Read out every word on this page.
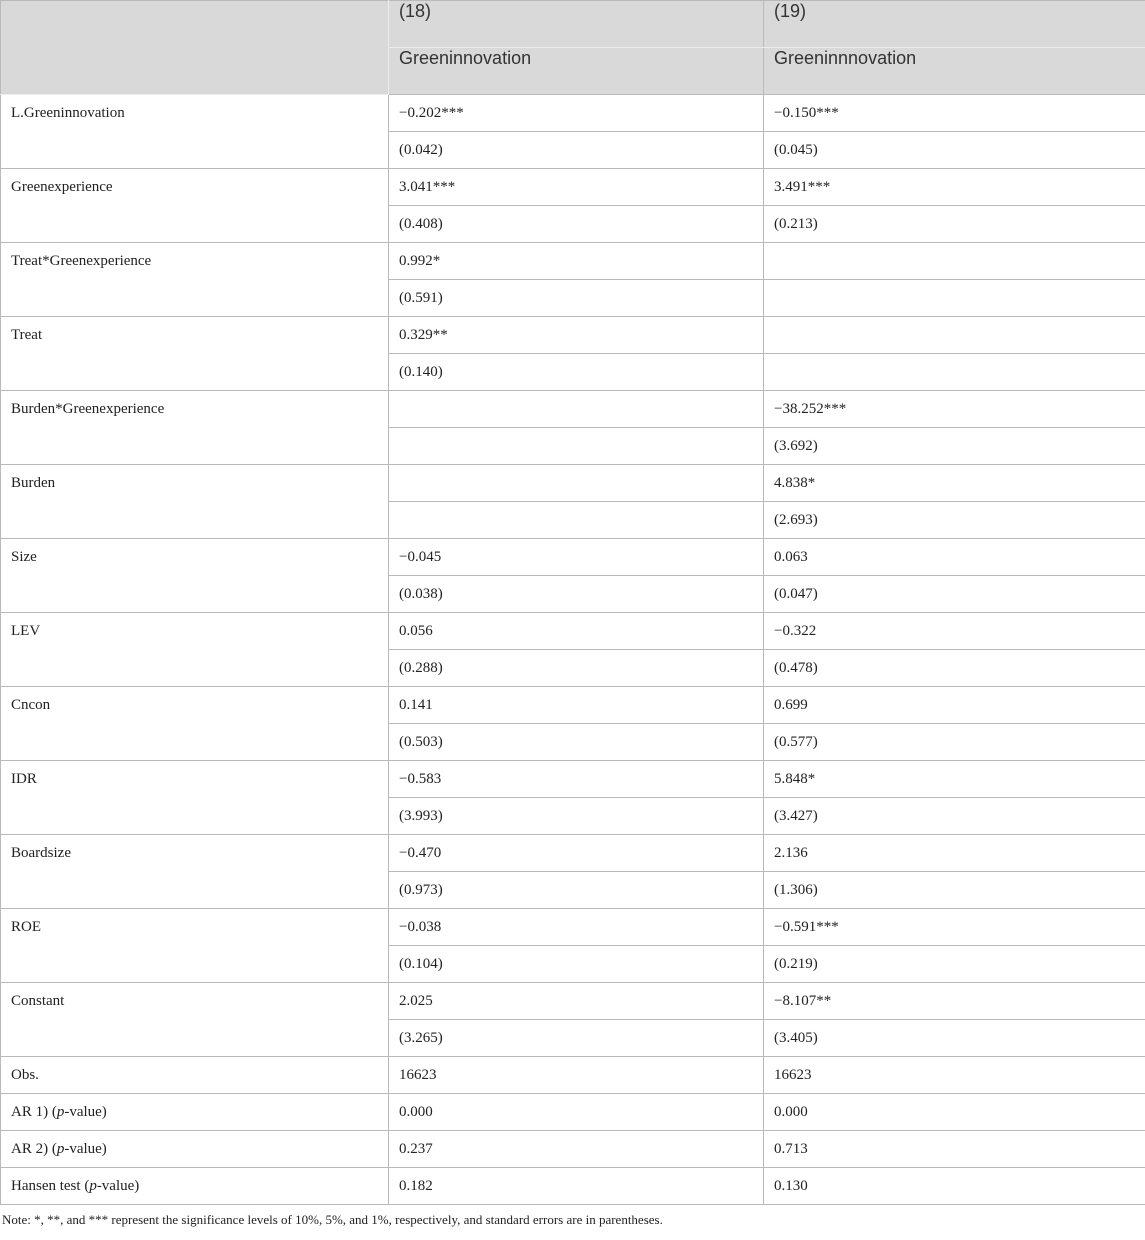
	(18)	(19)
	Greeninnovation	Greeninnnovation
L.Greeninnovation	−0.202***	−0.150***
	(0.042)	(0.045)
Greenexperience	3.041***	3.491***
	(0.408)	(0.213)
Treat*Greenexperience	0.992*	
	(0.591)	
Treat	0.329**	
	(0.140)	
Burden*Greenexperience		−38.252***
		(3.692)
Burden		4.838*
		(2.693)
Size	−0.045	0.063
	(0.038)	(0.047)
LEV	0.056	−0.322
	(0.288)	(0.478)
Cncon	0.141	0.699
	(0.503)	(0.577)
IDR	−0.583	5.848*
	(3.993)	(3.427)
Boardsize	−0.470	2.136
	(0.973)	(1.306)
ROE	−0.038	−0.591***
	(0.104)	(0.219)
Constant	2.025	−8.107**
	(3.265)	(3.405)
Obs.	16623	16623
AR 1) (p-value)	0.000	0.000
AR 2) (p-value)	0.237	0.713
Hansen test (p-value)	0.182	0.130
Note: *, **, and *** represent the significance levels of 10%, 5%, and 1%, respectively, and standard errors are in parentheses.
